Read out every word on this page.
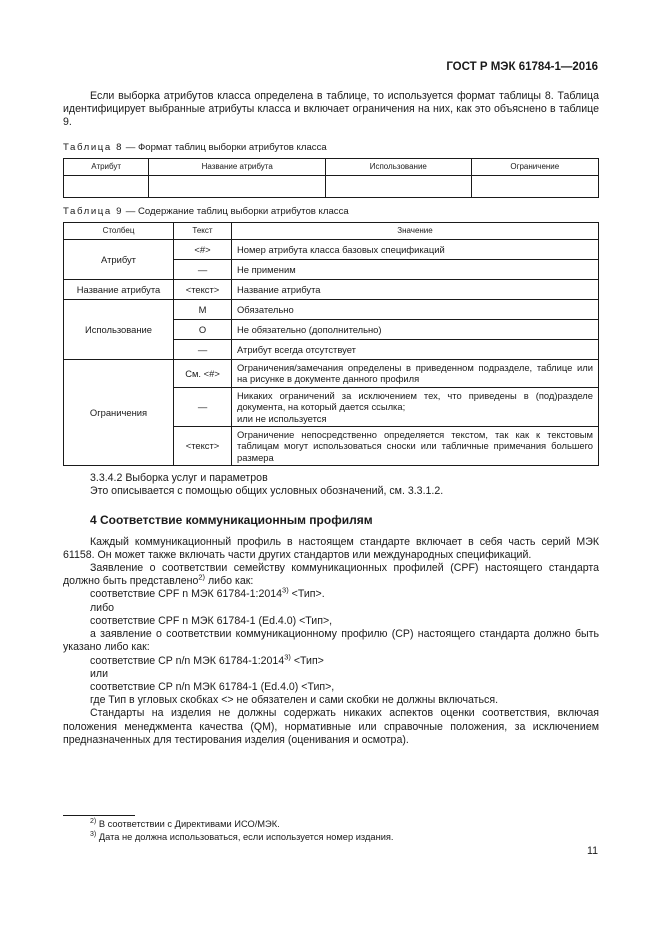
ГОСТ Р МЭК 61784-1—2016

Если выборка атрибутов класса определена в таблице, то используется формат таблицы 8. Таблица идентифицирует выбранные атрибуты класса и включает ограничения на них, как это объяснено в таблице 9.

Таблица 8 — Формат таблиц выборки атрибутов класса

Атрибут	Название атрибута	Использование	Ограничение

Таблица 9 — Содержание таблиц выборки атрибутов класса

Столбец	Текст	Значение
Атрибут	<#>	Номер атрибута класса базовых спецификаций
	—	Не применим
Название атрибута	<текст>	Название атрибута
Использование	M	Обязательно
	O	Не обязательно (дополнительно)
	—	Атрибут всегда отсутствует
Ограничения	См. <#>	Ограничения/замечания определены в приведенном подразделе, таблице или на рисунке в документе данного профиля
	—	Никаких ограничений за исключением тех, что приведены в (под)разделе документа, на который дается ссылка;
или не используется

	<текст>	Ограничение непосредственно определяется текстом, так как к текстовым таблицам могут использоваться сноски или табличные примечания большего размера

3.3.4.2 Выборка услуг и параметров

Это описывается с помощью общих условных обозначений, см. 3.3.1.2.

4 Соответствие коммуникационным профилям

Каждый коммуникационный профиль в настоящем стандарте включает в себя часть серий МЭК 61158. Он может также включать части других стандартов или международных спецификаций.

Заявление о соответствии семейству коммуникационных профилей (CPF) настоящего стандарта должно быть представлено$^{2)}$ либо как:

соответствие CPF n МЭК $61784-1:2014^{3)} <Тип>$.

либо

соответствие CPF n МЭК 61784-1 (Ed.4.0) <Тип>,

а заявление о соответствии коммуникационному профилю (CP) настоящего стандарта должно быть указано либо как:

соответствие CP n/n МЭК $61784-1:2014^{3)} <Тип>$

или

соответствие CP n/n МЭК 61784-1 (Ed.4.0) <Тип>,

где Тип в угловых скобках <> не обязателен и сами скобки не должны включаться.

Стандарты на изделия не должны содержать никаких аспектов оценки соответствия, включая положения менеджмента качества (QM), нормативные или справочные положения, за исключением предназначенных для тестирования изделия (оценивания и осмотра).

$^{2)}$ В соответствии с Директивами ИСО/МЭК.
$^{3)}$ Дата не должна использоваться, если используется номер издания.
11
